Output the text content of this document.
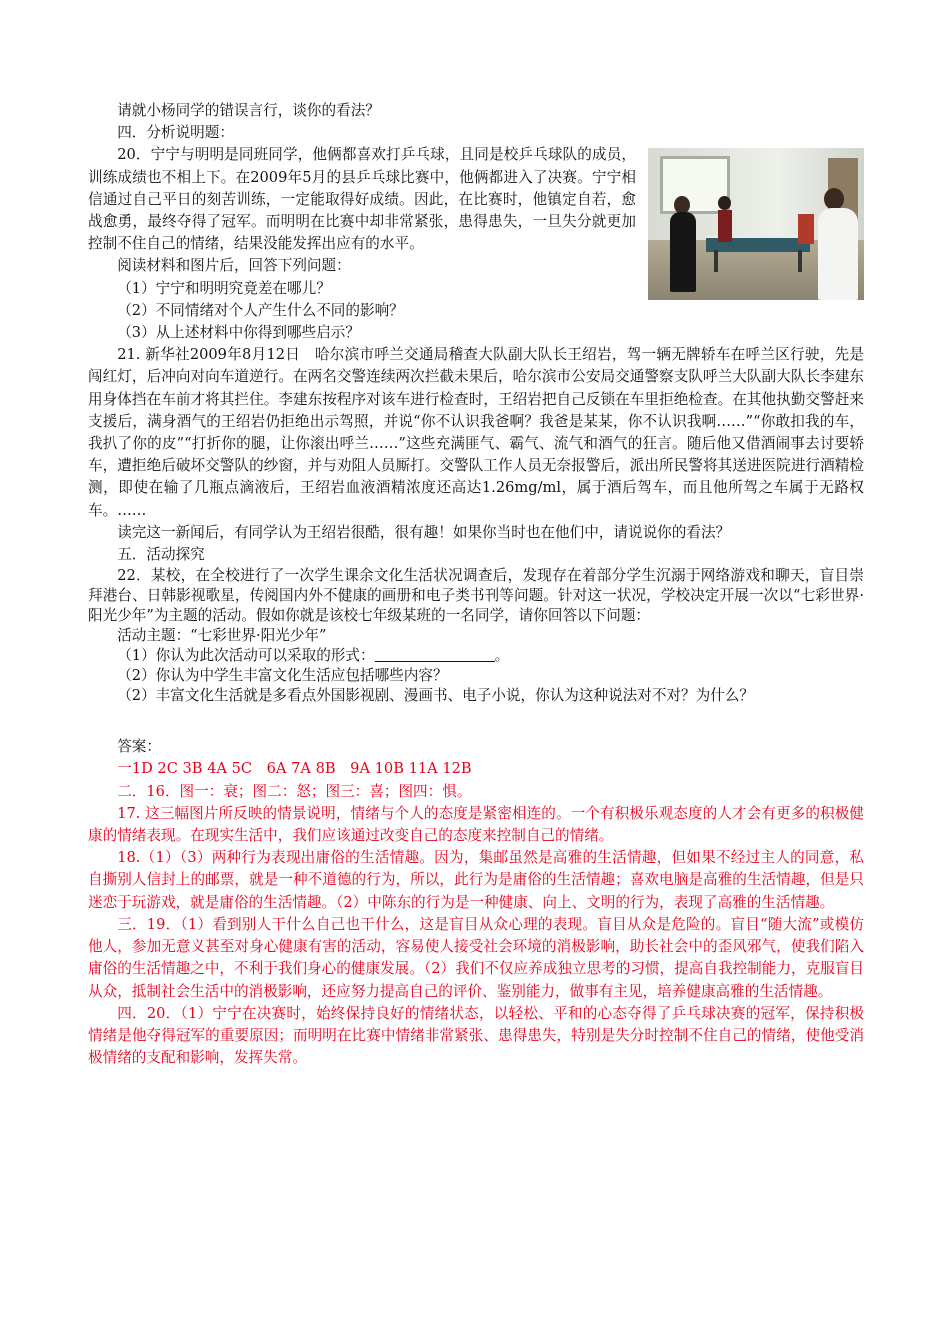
请就小杨同学的错误言行，谈你的看法？

四．分析说明题：

20．宁宁与明明是同班同学，他俩都喜欢打乒乓球，且同是校乒乓球队的成员，训练成绩也不相上下。在2009年5月的县乒乓球比赛中，他俩都进入了决赛。宁宁相信通过自己平日的刻苦训练，一定能取得好成绩。因此，在比赛时，他镇定自若，愈战愈勇，最终夺得了冠军。而明明在比赛中却非常紧张，患得患失，一旦失分就更加控制不住自己的情绪，结果没能发挥出应有的水平。

阅读材料和图片后，回答下列问题：

（1）宁宁和明明究竟差在哪儿？

（2）不同情绪对个人产生什么不同的影响？

（3）从上述材料中你得到哪些启示？

21. 新华社2009年8月12日　哈尔滨市呼兰交通局稽查大队副大队长王绍岩，驾一辆无牌轿车在呼兰区行驶，先是闯红灯，后冲向对向车道逆行。在两名交警连续两次拦截未果后，哈尔滨市公安局交通警察支队呼兰大队副大队长李建东用身体挡在车前才将其拦住。李建东按程序对该车进行检查时，王绍岩把自己反锁在车里拒绝检查。在其他执勤交警赶来支援后，满身酒气的王绍岩仍拒绝出示驾照，并说“你不认识我爸啊？我爸是某某，你不认识我啊……”“你敢扣我的车，我扒了你的皮”“打折你的腿，让你滚出呼兰……”这些充满匪气、霸气、流气和酒气的狂言。随后他又借酒闹事去讨要轿车，遭拒绝后破坏交警队的纱窗，并与劝阻人员厮打。交警队工作人员无奈报警后，派出所民警将其送进医院进行酒精检测，即使在输了几瓶点滴液后，王绍岩血液酒精浓度还高达1.26mg/ml，属于酒后驾车，而且他所驾之车属于无路权车。……

读完这一新闻后，有同学认为王绍岩很酷，很有趣！如果你当时也在他们中，请说说你的看法？

五．活动探究

22．某校，在全校进行了一次学生课余文化生活状况调查后，发现存在着部分学生沉溺于网络游戏和聊天，盲目崇拜港台、日韩影视歌星，传阅国内外不健康的画册和电子类书刊等问题。针对这一状况，学校决定开展一次以“七彩世界·阳光少年”为主题的活动。假如你就是该校七年级某班的一名同学，请你回答以下问题：

活动主题：“七彩世界·阳光少年”

（1）你认为此次活动可以采取的形式：	。

（2）你认为中学生丰富文化生活应包括哪些内容？

（2）丰富文化生活就是多看点外国影视剧、漫画书、电子小说，你认为这种说法对不对？为什么？

答案：

一1D 2C 3B 4A 5C　6A 7A 8B　9A 10B 11A 12B

二．16．图一：衰；图二：怒；图三：喜；图四：惧。

17. 这三幅图片所反映的情景说明，情绪与个人的态度是紧密相连的。一个有积极乐观态度的人才会有更多的积极健康的情绪表现。在现实生活中，我们应该通过改变自己的态度来控制自己的情绪。

18.（1）（3）两种行为表现出庸俗的生活情趣。因为，集邮虽然是高雅的生活情趣，但如果不经过主人的同意，私自撕别人信封上的邮票，就是一种不道德的行为，所以，此行为是庸俗的生活情趣；喜欢电脑是高雅的生活情趣，但是只迷恋于玩游戏，就是庸俗的生活情趣。（2）中陈东的行为是一种健康、向上、文明的行为，表现了高雅的生活情趣。

三．19．（1）看到别人干什么自己也干什么，这是盲目从众心理的表现。盲目从众是危险的。盲目“随大流”或模仿他人，参加无意义甚至对身心健康有害的活动，容易使人接受社会环境的消极影响，助长社会中的歪风邪气，使我们陷入庸俗的生活情趣之中，不利于我们身心的健康发展。（2）我们不仅应养成独立思考的习惯，提高自我控制能力，克服盲目从众，抵制社会生活中的消极影响，还应努力提高自己的评价、鉴别能力，做事有主见，培养健康高雅的生活情趣。

四．20．（1）宁宁在决赛时，始终保持良好的情绪状态，以轻松、平和的心态夺得了乒乓球决赛的冠军，保持积极情绪是他夺得冠军的重要原因；而明明在比赛中情绪非常紧张、患得患失，特别是失分时控制不住自己的情绪，使他受消极情绪的支配和影响，发挥失常。
